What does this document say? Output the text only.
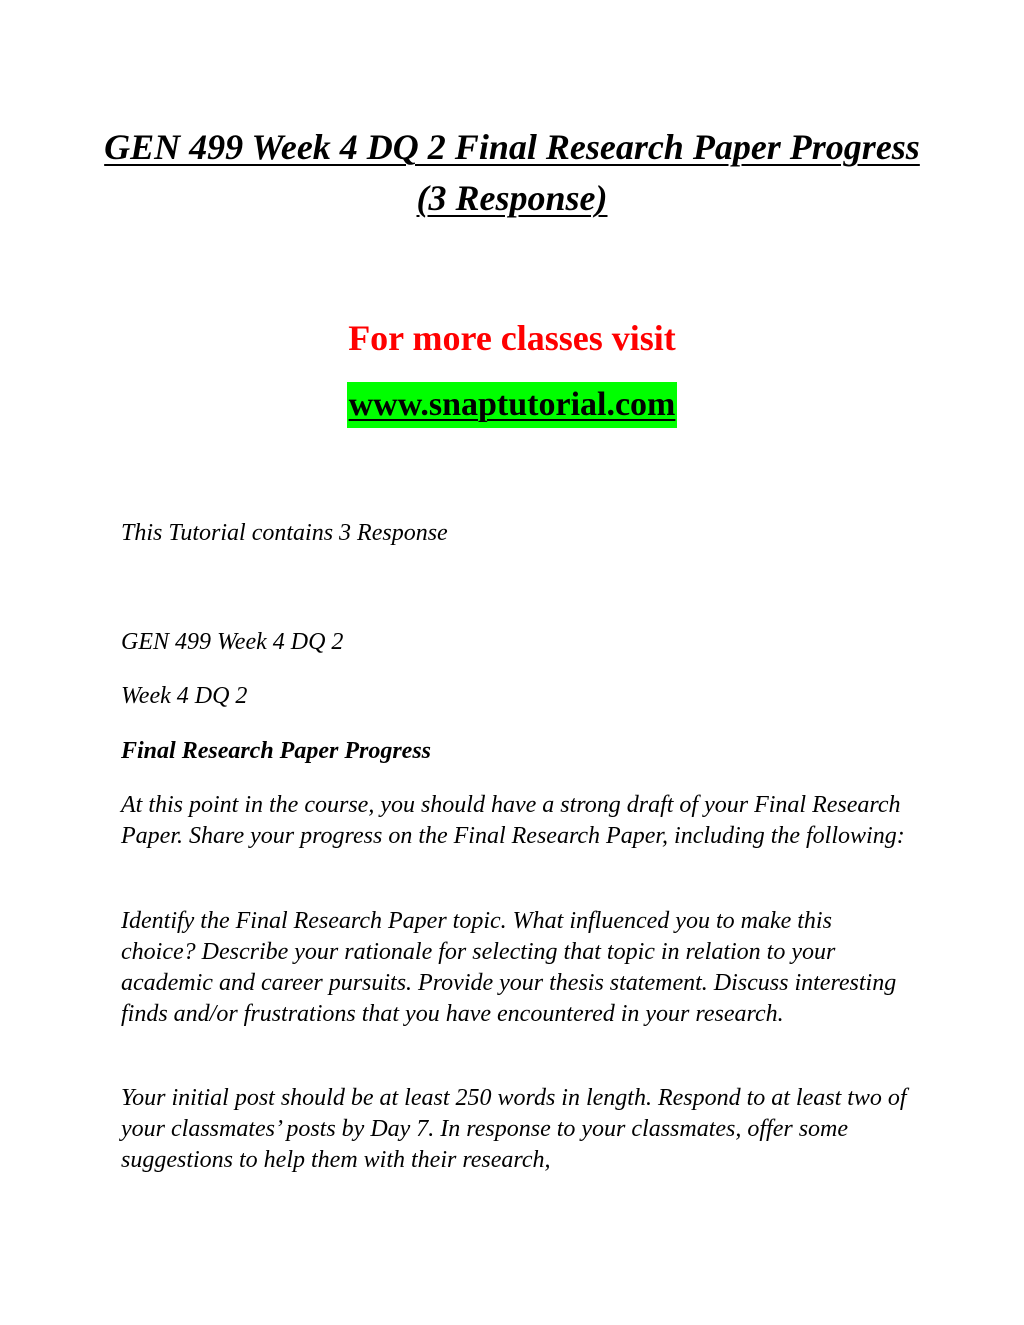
GEN 499 Week 4 DQ 2 Final Research Paper Progress (3 Response)

For more classes visit

www.snaptutorial.com

This Tutorial contains 3 Response

GEN 499 Week 4 DQ 2

Week 4 DQ 2

Final Research Paper Progress

At this point in the course, you should have a strong draft of your Final Research Paper. Share your progress on the Final Research Paper, including the following:

Identify the Final Research Paper topic. What influenced you to make this choice? Describe your rationale for selecting that topic in relation to your academic and career pursuits. Provide your thesis statement. Discuss interesting finds and/or frustrations that you have encountered in your research.

Your initial post should be at least 250 words in length. Respond to at least two of your classmates’ posts by Day 7. In response to your classmates, offer some suggestions to help them with their research,
